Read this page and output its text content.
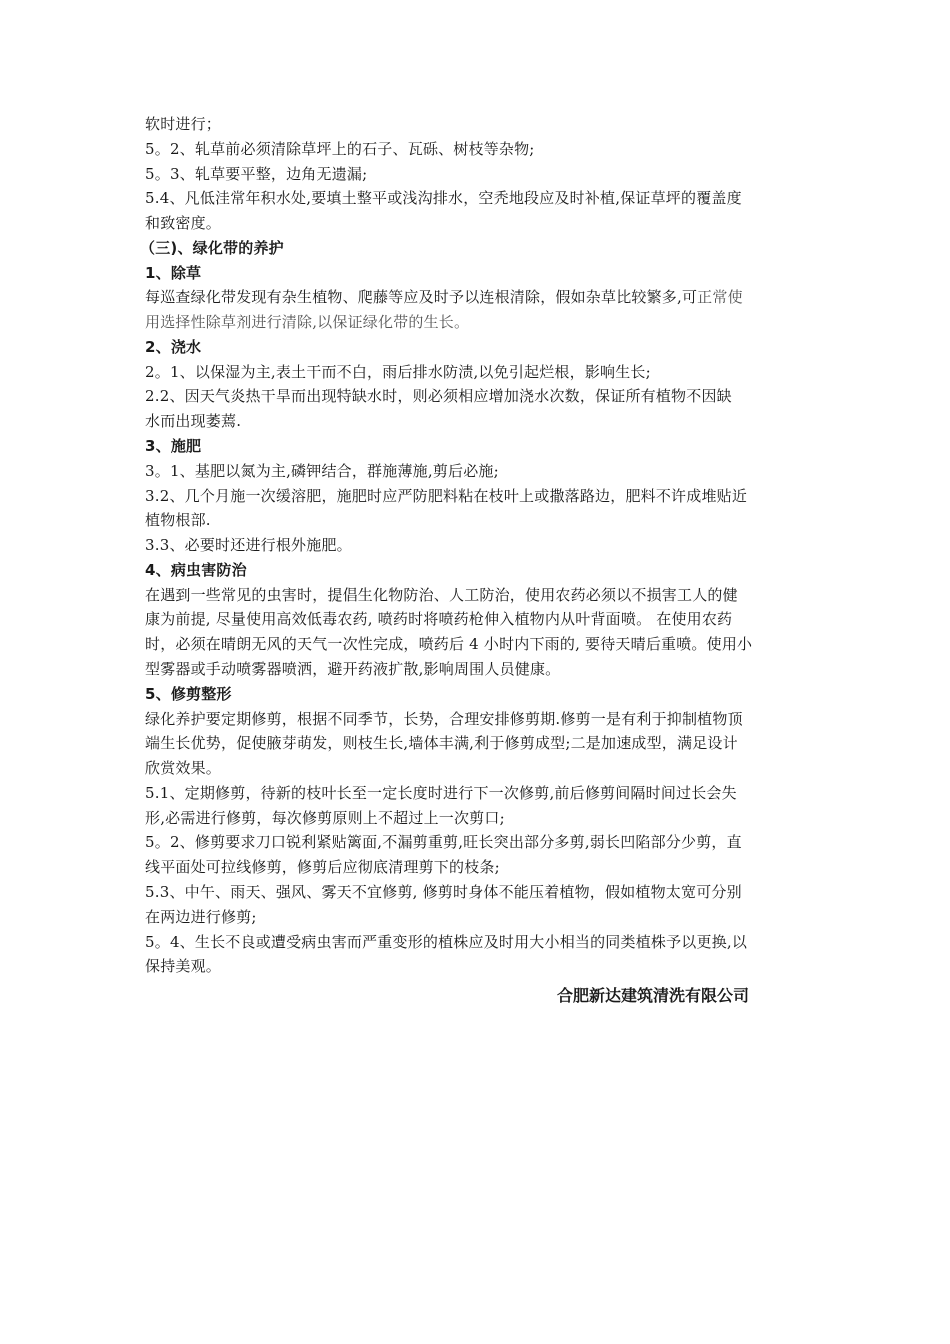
软时进行；

5。2、轧草前必须清除草坪上的石子、瓦砾、树枝等杂物;

5。3、轧草要平整，边角无遗漏;

5.4、凡低洼常年积水处,要填土整平或浅沟排水，空秃地段应及时补植,保证草坪的覆盖度

和致密度。

（三)、绿化带的养护

1、除草

每巡查绿化带发现有杂生植物、爬藤等应及时予以连根清除，假如杂草比较繁多,可正常使

用选择性除草剂进行清除,以保证绿化带的生长。

2、浇水

2。1、以保湿为主,表土干而不白，雨后排水防渍,以免引起烂根，影响生长;

2.2、因天气炎热干旱而出现特缺水时，则必须相应增加浇水次数，保证所有植物不因缺

水而出现萎蔫.

3、施肥

3。1、基肥以氮为主,磷钾结合，群施薄施,剪后必施;

3.2、几个月施一次缓溶肥，施肥时应严防肥料粘在枝叶上或撒落路边，肥料不许成堆贴近

植物根部.

3.3、必要时还进行根外施肥。

4、病虫害防治

在遇到一些常见的虫害时，提倡生化物防治、人工防治，使用农药必须以不损害工人的健

康为前提, 尽量使用高效低毒农药, 喷药时将喷药枪伸入植物内从叶背面喷。 在使用农药

时，必须在晴朗无风的天气一次性完成，喷药后 4 小时内下雨的, 要待天晴后重喷。使用小

型雾器或手动喷雾器喷洒，避开药液扩散,影响周围人员健康。

5、修剪整形

绿化养护要定期修剪，根据不同季节，长势，合理安排修剪期.修剪一是有利于抑制植物顶

端生长优势，促使腋芽萌发，则枝生长,墙体丰满,利于修剪成型;二是加速成型，满足设计

欣赏效果。

5.1、定期修剪，待新的枝叶长至一定长度时进行下一次修剪,前后修剪间隔时间过长会失

形,必需进行修剪，每次修剪原则上不超过上一次剪口;

5。2、修剪要求刀口锐利紧贴篱面,不漏剪重剪,旺长突出部分多剪,弱长凹陷部分少剪，直

线平面处可拉线修剪，修剪后应彻底清理剪下的枝条;

5.3、中午、雨天、强风、雾天不宜修剪, 修剪时身体不能压着植物，假如植物太宽可分别

在两边进行修剪;

5。4、生长不良或遭受病虫害而严重变形的植株应及时用大小相当的同类植株予以更换,以

保持美观。

合肥新达建筑清洗有限公司
